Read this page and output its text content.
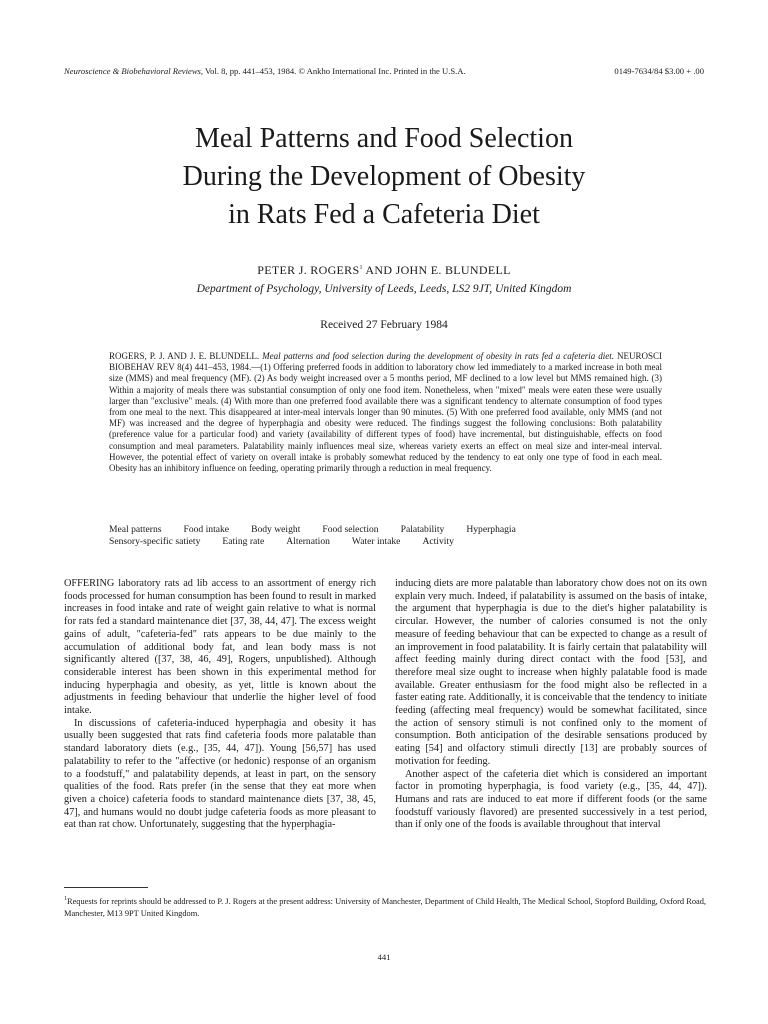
Neuroscience & Biobehavioral Reviews, Vol. 8, pp. 441–453, 1984. © Ankho International Inc. Printed in the U.S.A.	0149-7634/84 $3.00 + .00
Meal Patterns and Food Selection
During the Development of Obesity
in Rats Fed a Cafeteria Diet
PETER J. ROGERS$^1$ AND JOHN E. BLUNDELL
Department of Psychology, University of Leeds, Leeds, LS2 9JT, United Kingdom
Received 27 February 1984
ROGERS, P. J. AND J. E. BLUNDELL. Meal patterns and food selection during the development of obesity in rats fed a cafeteria diet. NEUROSCI BIOBEHAV REV 8(4) 441–453, 1984.—(1) Offering preferred foods in addition to laboratory chow led immediately to a marked increase in both meal size (MMS) and meal frequency (MF). (2) As body weight increased over a 5 months period, MF declined to a low level but MMS remained high. (3) Within a majority of meals there was substantial consumption of only one food item. Nonetheless, when "mixed" meals were eaten these were usually larger than "exclusive" meals. (4) With more than one preferred food available there was a significant tendency to alternate consumption of food types from one meal to the next. This disappeared at inter-meal intervals longer than 90 minutes. (5) With one preferred food available, only MMS (and not MF) was increased and the degree of hyperphagia and obesity were reduced. The findings suggest the following conclusions: Both palatability (preference value for a particular food) and variety (availability of different types of food) have incremental, but distinguishable, effects on food consumption and meal parameters. Palatability mainly influences meal size, whereas variety exerts an effect on meal size and inter-meal interval. However, the potential effect of variety on overall intake is probably somewhat reduced by the tendency to eat only one type of food in each meal. Obesity has an inhibitory influence on feeding, operating primarily through a reduction in meal frequency.
Meal patterns Food intake Body weight Food selection Palatability Hyperphagia
Sensory-specific satiety Eating rate Alternation Water intake Activity

OFFERING laboratory rats ad lib access to an assortment of energy rich foods processed for human consumption has been found to result in marked increases in food intake and rate of weight gain relative to what is normal for rats fed a standard maintenance diet [37, 38, 44, 47]. The excess weight gains of adult, "cafeteria-fed" rats appears to be due mainly to the accumulation of additional body fat, and lean body mass is not significantly altered ([37, 38, 46, 49], Rogers, unpublished). Although considerable interest has been shown in this experimental method for inducing hyperphagia and obesity, as yet, little is known about the adjustments in feeding behaviour that underlie the higher level of food intake.

In discussions of cafeteria-induced hyperphagia and obesity it has usually been suggested that rats find cafeteria foods more palatable than standard laboratory diets (e.g., [35, 44, 47]). Young [56,57] has used palatability to refer to the "affective (or hedonic) response of an organism to a foodstuff," and palatability depends, at least in part, on the sensory qualities of the food. Rats prefer (in the sense that they eat more when given a choice) cafeteria foods to standard maintenance diets [37, 38, 45, 47], and humans would no doubt judge cafeteria foods as more pleasant to eat than rat chow. Unfortunately, suggesting that the hyperphagia-

inducing diets are more palatable than laboratory chow does not on its own explain very much. Indeed, if palatability is assumed on the basis of intake, the argument that hyperphagia is due to the diet's higher palatability is circular. However, the number of calories consumed is not the only measure of feeding behaviour that can be expected to change as a result of an improvement in food palatability. It is fairly certain that palatability will affect feeding mainly during direct contact with the food [53], and therefore meal size ought to increase when highly palatable food is made available. Greater enthusiasm for the food might also be reflected in a faster eating rate. Additionally, it is conceivable that the tendency to initiate feeding (affecting meal frequency) would be somewhat facilitated, since the action of sensory stimuli is not confined only to the moment of consumption. Both anticipation of the desirable sensations produced by eating [54] and olfactory stimuli directly [13] are probably sources of motivation for feeding.

Another aspect of the cafeteria diet which is considered an important factor in promoting hyperphagia, is food variety (e.g., [35, 44, 47]). Humans and rats are induced to eat more if different foods (or the same foodstuff variously flavored) are presented successively in a test period, than if only one of the foods is available throughout that interval

$^1$Requests for reprints should be addressed to P. J. Rogers at the present address: University of Manchester, Department of Child Health, The Medical School, Stopford Building, Oxford Road, Manchester, M13 9PT United Kingdom.
441
